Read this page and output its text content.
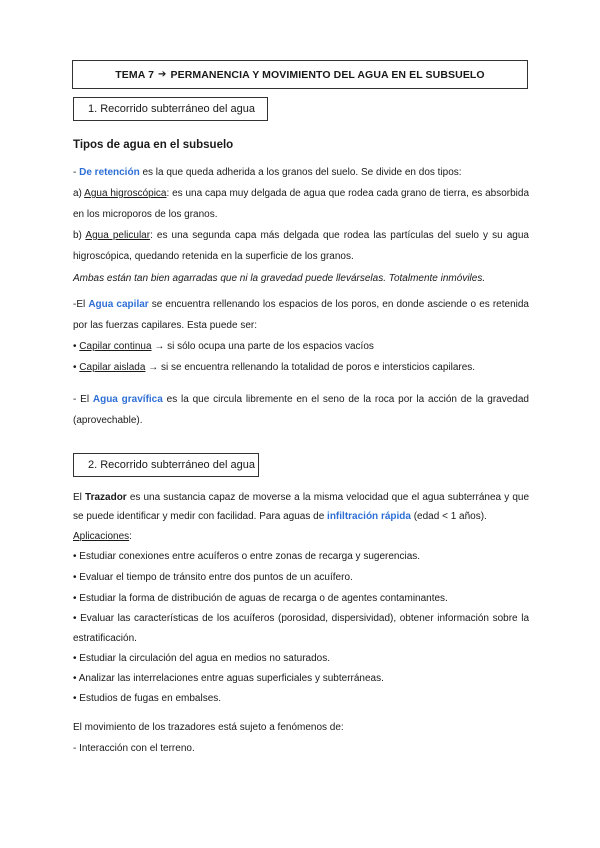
TEMA 7 ➔ PERMANENCIA Y MOVIMIENTO DEL AGUA EN EL SUBSUELO
1. Recorrido subterráneo del agua
Tipos de agua en el subsuelo
- De retención es la que queda adherida a los granos del suelo. Se divide en dos tipos:
a) Agua higroscópica: es una capa muy delgada de agua que rodea cada grano de tierra, es absorbida
en los microporos de los granos.
b) Agua pelicular: es una segunda capa más delgada que rodea las partículas del suelo y su agua
higroscópica, quedando retenida en la superficie de los granos.
Ambas están tan bien agarradas que ni la gravedad puede llevárselas. Totalmente inmóviles.
-El Agua capilar se encuentra rellenando los espacios de los poros, en donde asciende o es retenida
por las fuerzas capilares. Esta puede ser:
• Capilar continua → si sólo ocupa una parte de los espacios vacíos
• Capilar aislada → si se encuentra rellenando la totalidad de poros e intersticios capilares.
- El Agua gravífica es la que circula libremente en el seno de la roca por la acción de la gravedad
(aprovechable).
2. Recorrido subterráneo del agua
El Trazador es una sustancia capaz de moverse a la misma velocidad que el agua subterránea y que
se puede identificar y medir con facilidad. Para aguas de infiltración rápida (edad < 1 años).
Aplicaciones:
• Estudiar conexiones entre acuíferos o entre zonas de recarga y sugerencias.
• Evaluar el tiempo de tránsito entre dos puntos de un acuífero.
• Estudiar la forma de distribución de aguas de recarga o de agentes contaminantes.
• Evaluar las características de los acuíferos (porosidad, dispersividad), obtener información sobre la
estratificación.
• Estudiar la circulación del agua en medios no saturados.
• Analizar las interrelaciones entre aguas superficiales y subterráneas.
• Estudios de fugas en embalses.
El movimiento de los trazadores está sujeto a fenómenos de:
- Interacción con el terreno.
